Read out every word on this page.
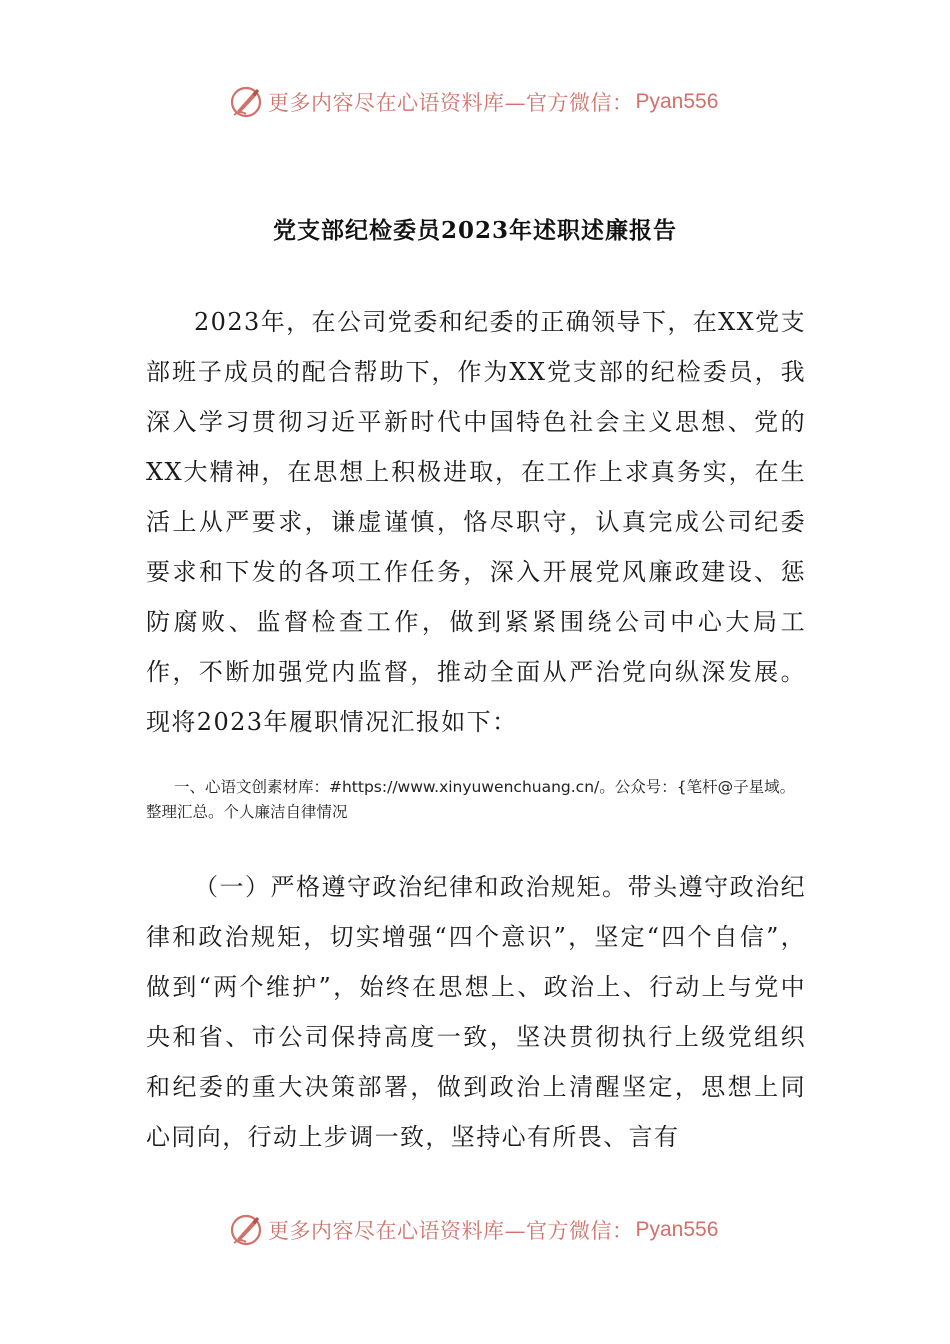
更多内容尽在心语资料库—官方微信： Pyan556
党支部纪检委员2023年述职述廉报告

2023年，在公司党委和纪委的正确领导下，在XX党支部班子成员的配合帮助下，作为XX党支部的纪检委员，我深入学习贯彻习近平新时代中国特色社会主义思想、党的XX大精神，在思想上积极进取，在工作上求真务实，在生活上从严要求，谦虚谨慎，恪尽职守，认真完成公司纪委要求和下发的各项工作任务，深入开展党风廉政建设、惩防腐败、监督检查工作，做到紧紧围绕公司中心大局工作，不断加强党内监督，推动全面从严治党向纵深发展。现将2023年履职情况汇报如下：

一、心语文创素材库：#https://www.xinyuwenchuang.cn/。公众号：{笔杆@子星域。整理汇总。个人廉洁自律情况

（一）严格遵守政治纪律和政治规矩。带头遵守政治纪律和政治规矩，切实增强“四个意识”，坚定“四个自信”，做到“两个维护”，始终在思想上、政治上、行动上与党中央和省、市公司保持高度一致，坚决贯彻执行上级党组织和纪委的重大决策部署，做到政治上清醒坚定，思想上同心同向，行动上步调一致，坚持心有所畏、言有

更多内容尽在心语资料库—官方微信： Pyan556
